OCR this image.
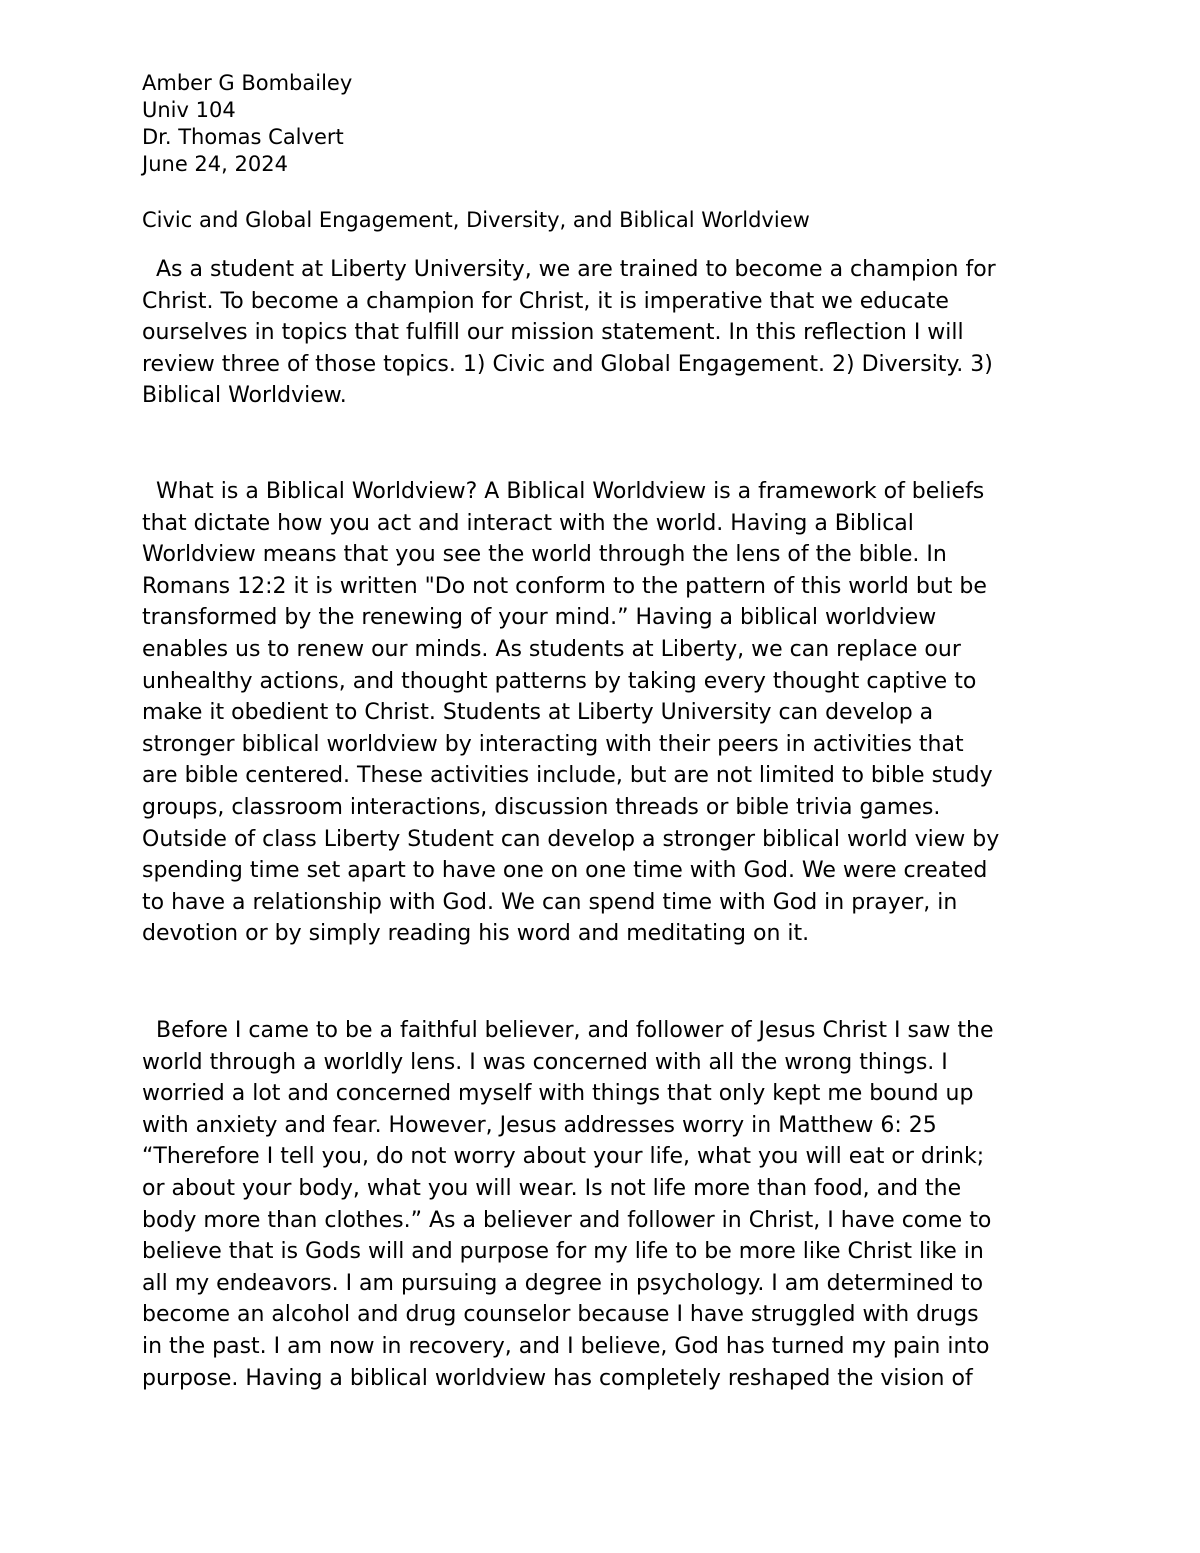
Amber G Bombailey
Univ 104
Dr. Thomas Calvert
June 24, 2024
Civic and Global Engagement, Diversity, and Biblical Worldview
As a student at Liberty University, we are trained to become a champion for
Christ. To become a champion for Christ, it is imperative that we educate
ourselves in topics that fulfill our mission statement. In this reflection I will
review three of those topics. 1) Civic and Global Engagement. 2) Diversity. 3)
Biblical Worldview.
What is a Biblical Worldview? A Biblical Worldview is a framework of beliefs
that dictate how you act and interact with the world. Having a Biblical
Worldview means that you see the world through the lens of the bible. In
Romans 12:2 it is written "Do not conform to the pattern of this world but be
transformed by the renewing of your mind.” Having a biblical worldview
enables us to renew our minds. As students at Liberty, we can replace our
unhealthy actions, and thought patterns by taking every thought captive to
make it obedient to Christ. Students at Liberty University can develop a
stronger biblical worldview by interacting with their peers in activities that
are bible centered. These activities include, but are not limited to bible study
groups, classroom interactions, discussion threads or bible trivia games.
Outside of class Liberty Student can develop a stronger biblical world view by
spending time set apart to have one on one time with God. We were created
to have a relationship with God. We can spend time with God in prayer, in
devotion or by simply reading his word and meditating on it.
Before I came to be a faithful believer, and follower of Jesus Christ I saw the
world through a worldly lens. I was concerned with all the wrong things. I
worried a lot and concerned myself with things that only kept me bound up
with anxiety and fear. However, Jesus addresses worry in Matthew 6: 25
“Therefore I tell you, do not worry about your life, what you will eat or drink;
or about your body, what you will wear. Is not life more than food, and the
body more than clothes.” As a believer and follower in Christ, I have come to
believe that is Gods will and purpose for my life to be more like Christ like in
all my endeavors. I am pursuing a degree in psychology. I am determined to
become an alcohol and drug counselor because I have struggled with drugs
in the past. I am now in recovery, and I believe, God has turned my pain into
purpose. Having a biblical worldview has completely reshaped the vision of
